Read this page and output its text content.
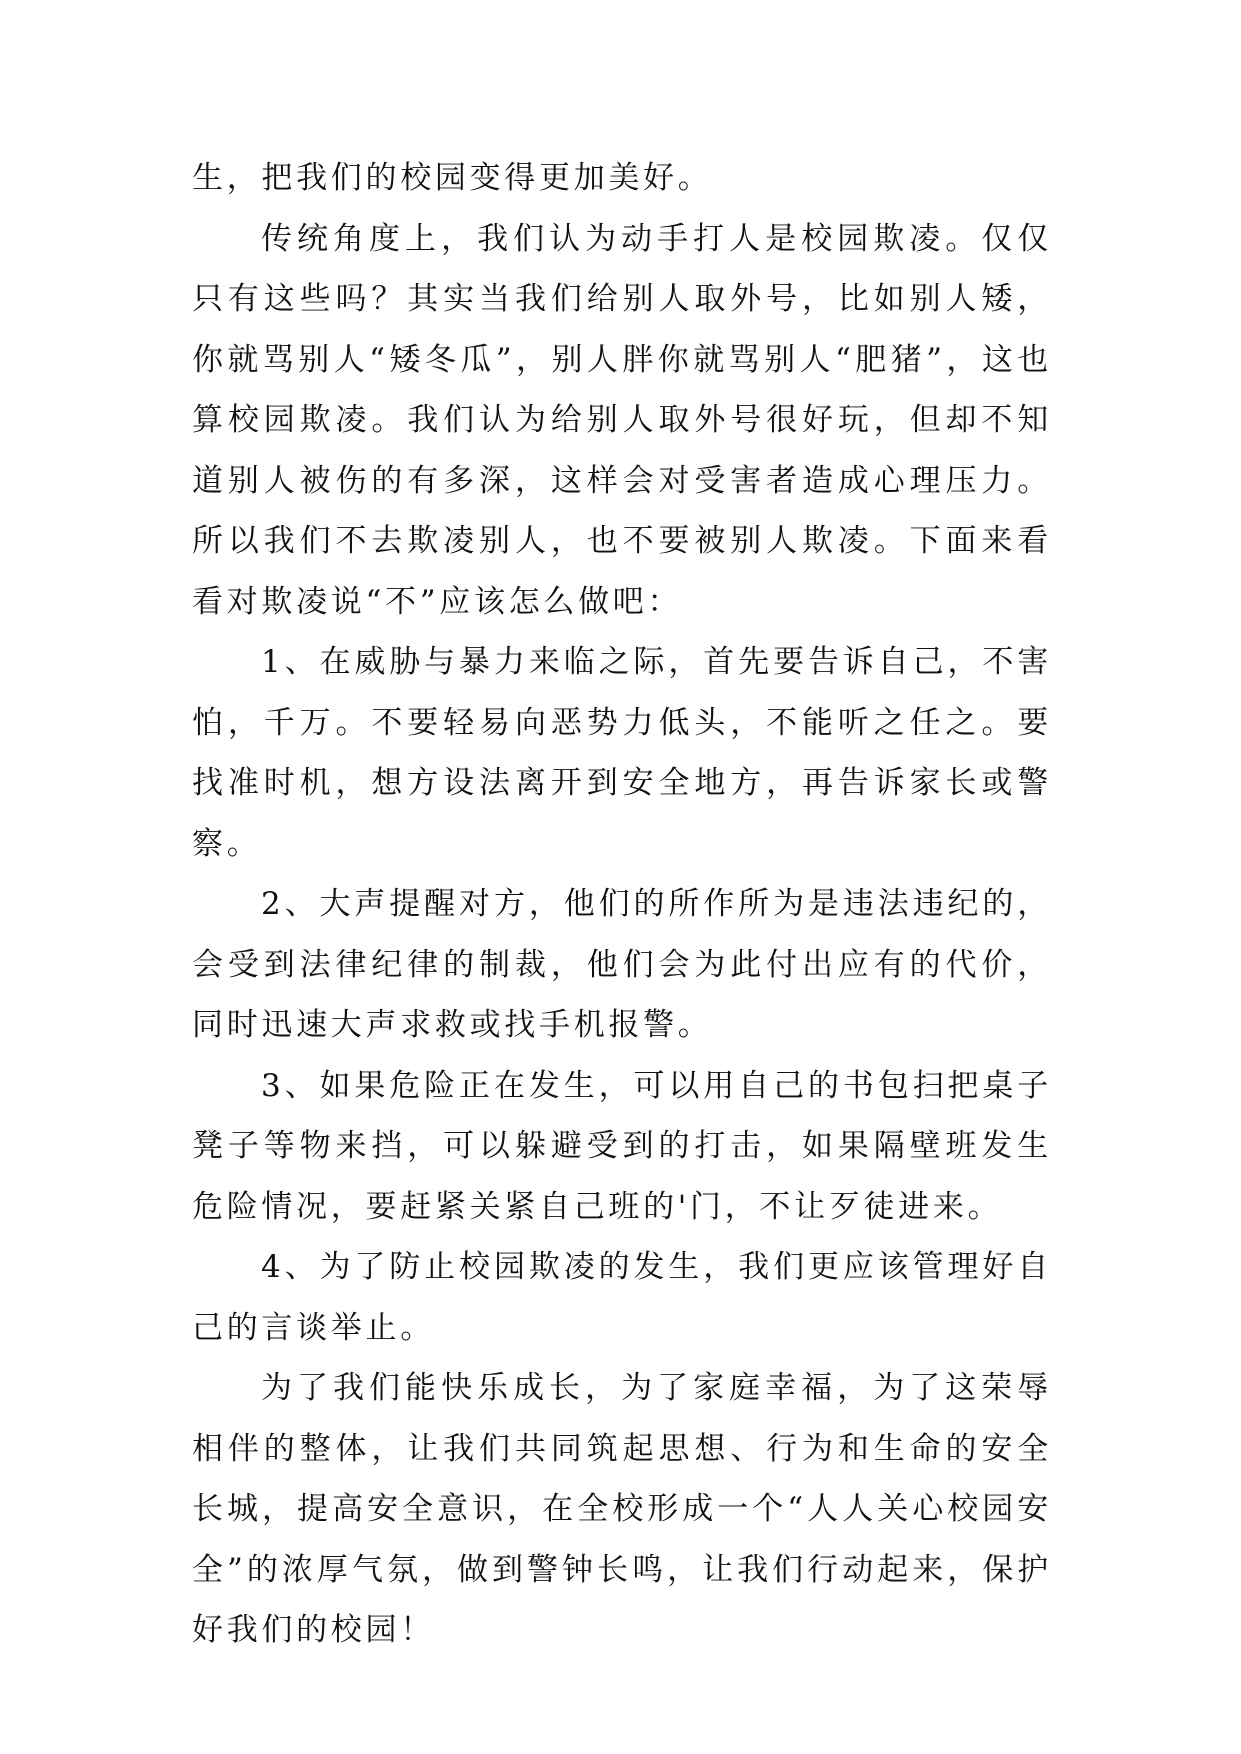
生，把我们的校园变得更加美好。

传统角度上，我们认为动手打人是校园欺凌。仅仅只有这些吗？其实当我们给别人取外号，比如别人矮，你就骂别人“矮冬瓜”，别人胖你就骂别人“肥猪”，这也算校园欺凌。我们认为给别人取外号很好玩，但却不知道别人被伤的有多深，这样会对受害者造成心理压力。所以我们不去欺凌别人，也不要被别人欺凌。下面来看看对欺凌说“不”应该怎么做吧：

1、在威胁与暴力来临之际，首先要告诉自己，不害怕，千万。不要轻易向恶势力低头，不能听之任之。要找准时机，想方设法离开到安全地方，再告诉家长或警察。

2、大声提醒对方，他们的所作所为是违法违纪的，会受到法律纪律的制裁，他们会为此付出应有的代价，同时迅速大声求救或找手机报警。

3、如果危险正在发生，可以用自己的书包扫把桌子凳子等物来挡，可以躲避受到的打击，如果隔壁班发生危险情况，要赶紧关紧自己班的'门，不让歹徒进来。

4、为了防止校园欺凌的发生，我们更应该管理好自己的言谈举止。

为了我们能快乐成长，为了家庭幸福，为了这荣辱相伴的整体，让我们共同筑起思想、行为和生命的安全长城，提高安全意识，在全校形成一个“人人关心校园安全”的浓厚气氛，做到警钟长鸣，让我们行动起来，保护好我们的校园！
